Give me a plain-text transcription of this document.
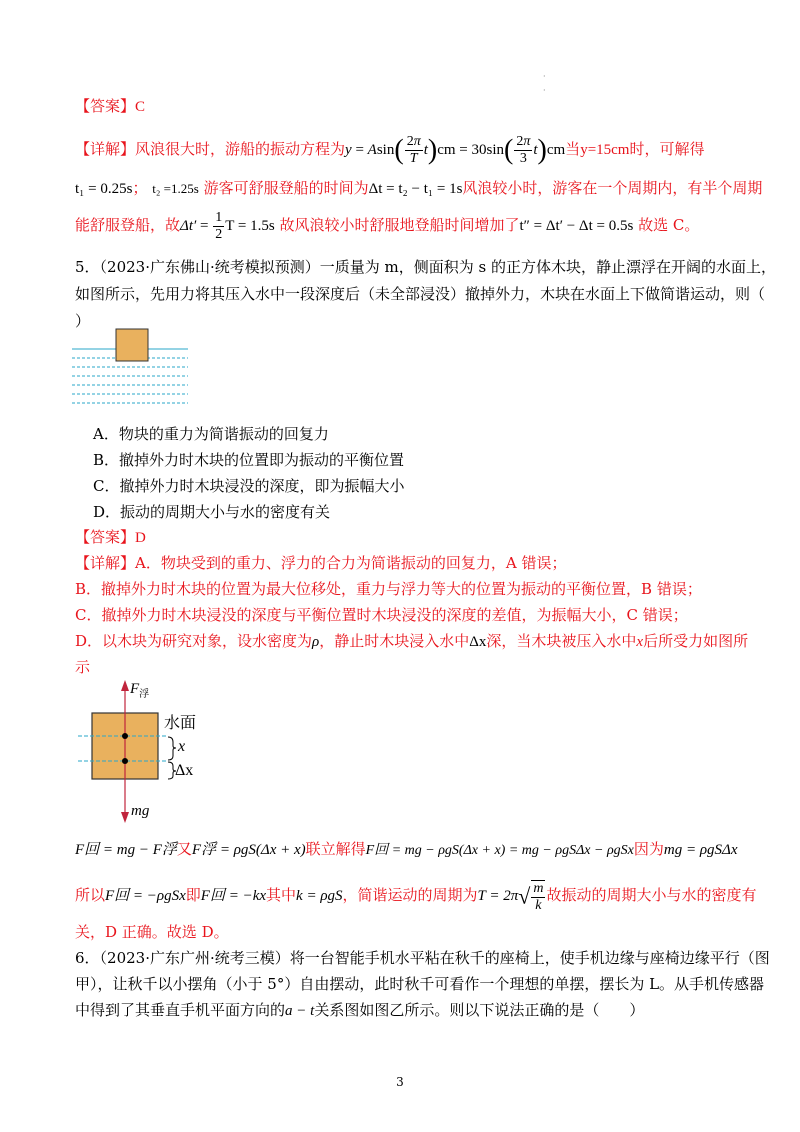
·
·
【答案】C
【详解】风浪很大时，游船的振动方程为$y = Asin( \frac{2\pi}{T} t)cm = 30\sin( \frac{2\pi}{3} t)cm$当y=15cm时，可解得
t₁ = 0.25s； t₂ =1.25s 游客可舒服登船的时间为Δt = t₂ − t₁ = 1s风浪较小时，游客在一个周期内，有半个周期
能舒服登船，故$\Delta t' = \frac{1}{2}$ T = 1.5s 故风浪较小时舒服地登船时间增加了t″ = Δt′ − Δt = 0.5s 故选 C。
5．（2023·广东佛山·统考模拟预测）一质量为 m，侧面积为 s 的正方体木块，静止漂浮在开阔的水面上，
如图所示，先用力将其压入水中一段深度后（未全部浸没）撤掉外力，木块在水面上下做简谐运动，则（
）
A．物块的重力为简谐振动的回复力
B．撤掉外力时木块的位置即为振动的平衡位置
C．撤掉外力时木块浸没的深度，即为振幅大小
D．振动的周期大小与水的密度有关
【答案】D
【详解】A．物块受到的重力、浮力的合力为简谐振动的回复力，A 错误；
B．撤掉外力时木块的位置为最大位移处，重力与浮力等大的位置为振动的平衡位置，B 错误；
C．撤掉外力时木块浸没的深度与平衡位置时木块浸没的深度的差值，为振幅大小，C 错误；
D．以木块为研究对象，设水密度为ρ，静止时木块浸入水中Δx深，当木块被压入水中x后所受力如图所
示
$F_浮$
水面
x
Δx
mg
F回 = mg − F浮又F浮 = ρgS(Δx + x)联立解得F回 = mg − ρgS(Δx + x) = mg − ρgSΔx − ρgSx因为mg = ρgSΔx
所以F回 = −ρgSx即F回 = −kx其中k = ρgS，简谐运动的周期为$T = 2\pi√ \frac{m}{k}$ 故振动的周期大小与水的密度有
关，D 正确。故选 D。
6．（2023·广东广州·统考三模）将一台智能手机水平粘在秋千的座椅上，使手机边缘与座椅边缘平行（图
甲），让秋千以小摆角（小于 5°）自由摆动，此时秋千可看作一个理想的单摆，摆长为 L。从手机传感器
中得到了其垂直手机平面方向的a − t关系图如图乙所示。则以下说法正确的是（　　）
3
